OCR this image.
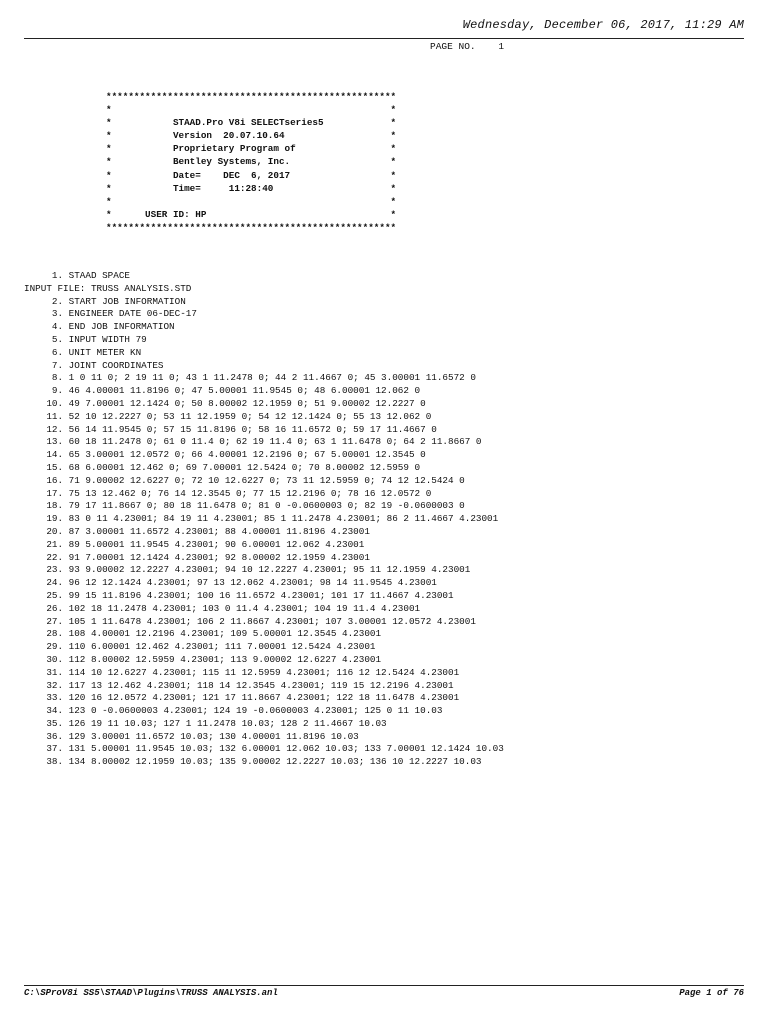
Wednesday, December 06, 2017, 11:29 AM
PAGE NO.    1
****************************************************
*                                                  *
*           STAAD.Pro V8i SELECTseries5            *
*           Version  20.07.10.64                   *
*           Proprietary Program of                 *
*           Bentley Systems, Inc.                  *
*           Date=    DEC  6, 2017                  *
*           Time=     11:28:40                     *
*                                                  *
*      USER ID: HP                                 *
****************************************************
1. STAAD SPACE
INPUT FILE: TRUSS ANALYSIS.STD
2. START JOB INFORMATION
3. ENGINEER DATE 06-DEC-17
4. END JOB INFORMATION
5. INPUT WIDTH 79
6. UNIT METER KN
7. JOINT COORDINATES
8. 1 0 11 0; 2 19 11 0; 43 1 11.2478 0; 44 2 11.4667 0; 45 3.00001 11.6572 0
9. 46 4.00001 11.8196 0; 47 5.00001 11.9545 0; 48 6.00001 12.062 0
10. 49 7.00001 12.1424 0; 50 8.00002 12.1959 0; 51 9.00002 12.2227 0
11. 52 10 12.2227 0; 53 11 12.1959 0; 54 12 12.1424 0; 55 13 12.062 0
12. 56 14 11.9545 0; 57 15 11.8196 0; 58 16 11.6572 0; 59 17 11.4667 0
13. 60 18 11.2478 0; 61 0 11.4 0; 62 19 11.4 0; 63 1 11.6478 0; 64 2 11.8667 0
14. 65 3.00001 12.0572 0; 66 4.00001 12.2196 0; 67 5.00001 12.3545 0
15. 68 6.00001 12.462 0; 69 7.00001 12.5424 0; 70 8.00002 12.5959 0
16. 71 9.00002 12.6227 0; 72 10 12.6227 0; 73 11 12.5959 0; 74 12 12.5424 0
17. 75 13 12.462 0; 76 14 12.3545 0; 77 15 12.2196 0; 78 16 12.0572 0
18. 79 17 11.8667 0; 80 18 11.6478 0; 81 0 -0.0600003 0; 82 19 -0.0600003 0
19. 83 0 11 4.23001; 84 19 11 4.23001; 85 1 11.2478 4.23001; 86 2 11.4667 4.23001
20. 87 3.00001 11.6572 4.23001; 88 4.00001 11.8196 4.23001
21. 89 5.00001 11.9545 4.23001; 90 6.00001 12.062 4.23001
22. 91 7.00001 12.1424 4.23001; 92 8.00002 12.1959 4.23001
23. 93 9.00002 12.2227 4.23001; 94 10 12.2227 4.23001; 95 11 12.1959 4.23001
24. 96 12 12.1424 4.23001; 97 13 12.062 4.23001; 98 14 11.9545 4.23001
25. 99 15 11.8196 4.23001; 100 16 11.6572 4.23001; 101 17 11.4667 4.23001
26. 102 18 11.2478 4.23001; 103 0 11.4 4.23001; 104 19 11.4 4.23001
27. 105 1 11.6478 4.23001; 106 2 11.8667 4.23001; 107 3.00001 12.0572 4.23001
28. 108 4.00001 12.2196 4.23001; 109 5.00001 12.3545 4.23001
29. 110 6.00001 12.462 4.23001; 111 7.00001 12.5424 4.23001
30. 112 8.00002 12.5959 4.23001; 113 9.00002 12.6227 4.23001
31. 114 10 12.6227 4.23001; 115 11 12.5959 4.23001; 116 12 12.5424 4.23001
32. 117 13 12.462 4.23001; 118 14 12.3545 4.23001; 119 15 12.2196 4.23001
33. 120 16 12.0572 4.23001; 121 17 11.8667 4.23001; 122 18 11.6478 4.23001
34. 123 0 -0.0600003 4.23001; 124 19 -0.0600003 4.23001; 125 0 11 10.03
35. 126 19 11 10.03; 127 1 11.2478 10.03; 128 2 11.4667 10.03
36. 129 3.00001 11.6572 10.03; 130 4.00001 11.8196 10.03
37. 131 5.00001 11.9545 10.03; 132 6.00001 12.062 10.03; 133 7.00001 12.1424 10.03
38. 134 8.00002 12.1959 10.03; 135 9.00002 12.2227 10.03; 136 10 12.2227 10.03
C:\SProV8i SS5\STAAD\Plugins\TRUSS ANALYSIS.anl	Page 1 of 76
